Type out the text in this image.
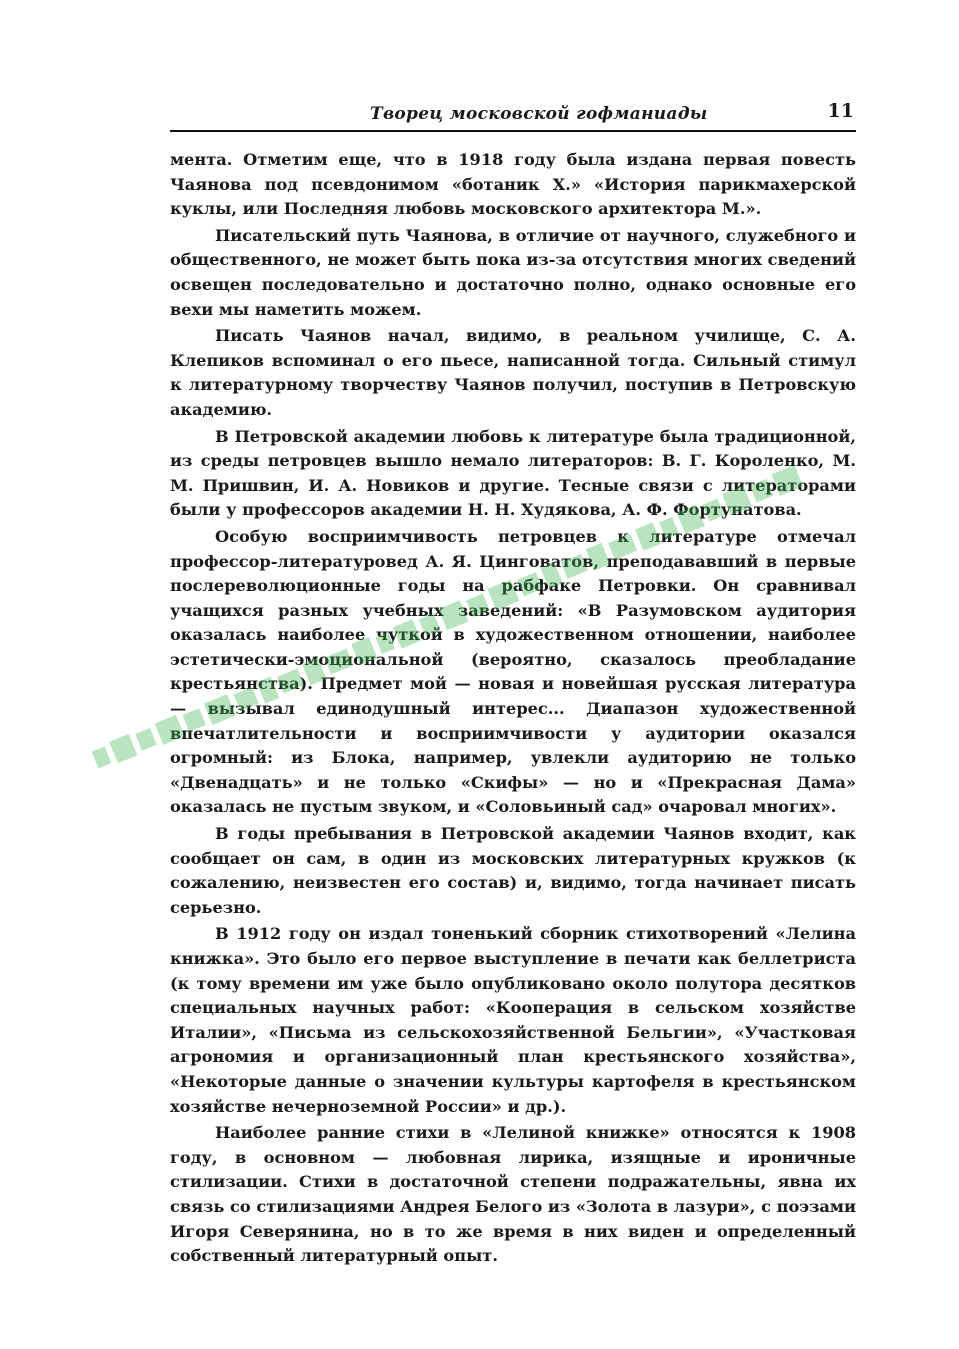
Творец московской гофманиады	11

мента. Отметим еще, что в 1918 году была издана первая повесть Чаянова под псевдонимом «ботаник X.» «История парикмахерской куклы, или Последняя любовь московского архитектора М.».

Писательский путь Чаянова, в отличие от научного, служебного и общественного, не может быть пока из-за отсутствия многих сведений освещен последовательно и достаточно полно, однако основные его вехи мы наметить можем.

Писать Чаянов начал, видимо, в реальном училище, С. А. Клепиков вспоминал о его пьесе, написанной тогда. Сильный стимул к литературному творчеству Чаянов получил, поступив в Петровскую академию.

В Петровской академии любовь к литературе была традиционной, из среды петровцев вышло немало литераторов: В. Г. Короленко, М. М. Пришвин, И. А. Новиков и другие. Тесные связи с литераторами были у профессоров академии Н. Н. Худякова, А. Ф. Фортунатова.

Особую восприимчивость петровцев к литературе отмечал профессор-литературовед А. Я. Цинговатов, преподававший в первые послереволюционные годы на рабфаке Петровки. Он сравнивал учащихся разных учебных заведений: «В Разумовском аудитория оказалась наиболее чуткой в художественном отношении, наиболее эстетически-эмоциональной (вероятно, сказалось преобладание крестьянства). Предмет мой — новая и новейшая русская литература — вызывал единодушный интерес... Диапазон художественной впечатлительности и восприимчивости у аудитории оказался огромный: из Блока, например, увлекли аудиторию не только «Двенадцать» и не только «Скифы» — но и «Прекрасная Дама» оказалась не пустым звуком, и «Соловьиный сад» очаровал многих».

В годы пребывания в Петровской академии Чаянов входит, как сообщает он сам, в один из московских литературных кружков (к сожалению, неизвестен его состав) и, видимо, тогда начинает писать серьезно.

В 1912 году он издал тоненький сборник стихотворений «Лелина книжка». Это было его первое выступление в печати как беллетриста (к тому времени им уже было опубликовано около полутора десятков специальных научных работ: «Кооперация в сельском хозяйстве Италии», «Письма из сельскохозяйственной Бельгии», «Участковая агрономия и организационный план крестьянского хозяйства», «Некоторые данные о значении культуры картофеля в крестьянском хозяйстве нечерноземной России» и др.).

Наиболее ранние стихи в «Лелиной книжке» относятся к 1908 году, в основном — любовная лирика, изящные и ироничные стилизации. Стихи в достаточной степени подражательны, явна их связь со стилизациями Андрея Белого из «Золота в лазури», с поэзами Игоря Северянина, но в то же время в них виден и определенный собственный литературный опыт.
